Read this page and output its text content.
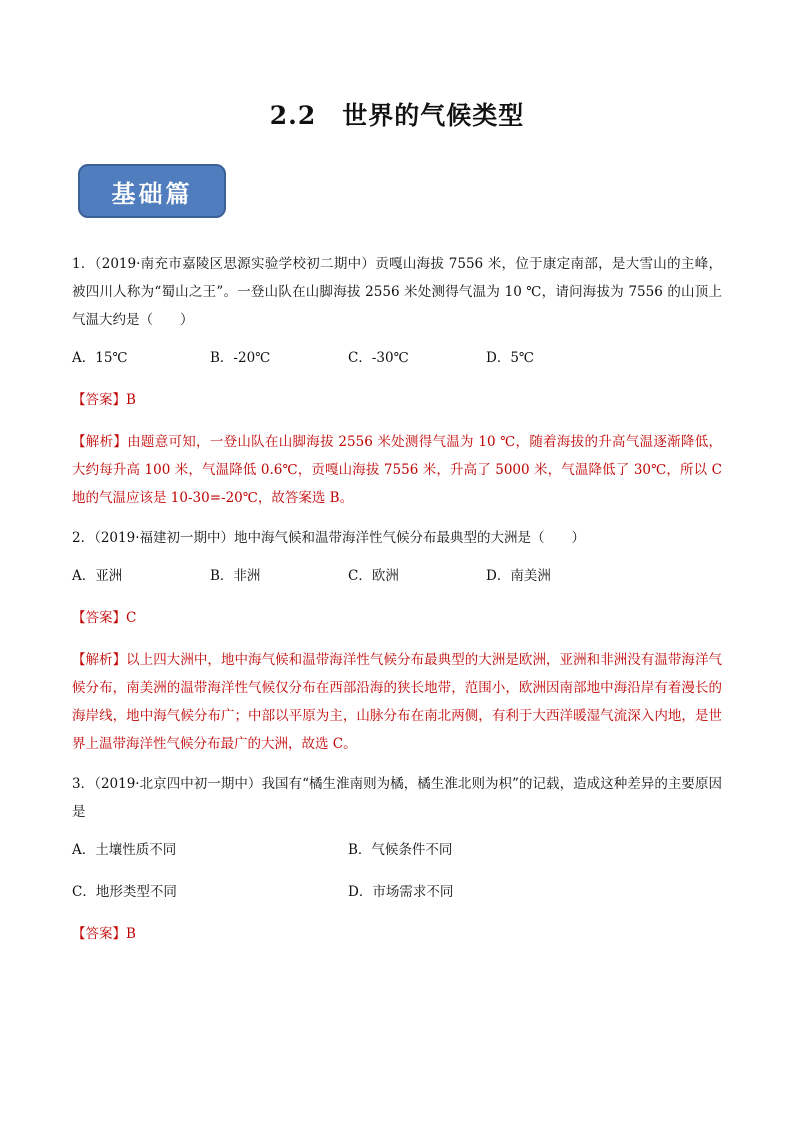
2.2 世界的气候类型
基础篇

1．（2019·南充市嘉陵区思源实验学校初二期中）贡嘎山海拔 7556 米，位于康定南部，是大雪山的主峰，被四川人称为“蜀山之王”。一登山队在山脚海拔 2556 米处测得气温为 10 ℃，请问海拔为 7556 的山顶上气温大约是（　　）

A．15℃	B．-20℃	C．-30℃	D．5℃

【答案】B

【解析】由题意可知，一登山队在山脚海拔 2556 米处测得气温为 10 ℃，随着海拔的升高气温逐渐降低，大约每升高 100 米，气温降低 0.6℃，贡嘎山海拔 7556 米，升高了 5000 米，气温降低了 30℃，所以 C 地的气温应该是 10-30=-20℃，故答案选 B。

2．（2019·福建初一期中）地中海气候和温带海洋性气候分布最典型的大洲是（　　）

A．亚洲	B．非洲	C．欧洲	D．南美洲

【答案】C

【解析】以上四大洲中，地中海气候和温带海洋性气候分布最典型的大洲是欧洲，亚洲和非洲没有温带海洋气候分布，南美洲的温带海洋性气候仅分布在西部沿海的狭长地带，范围小，欧洲因南部地中海沿岸有着漫长的海岸线，地中海气候分布广；中部以平原为主，山脉分布在南北两侧，有利于大西洋暖湿气流深入内地，是世界上温带海洋性气候分布最广的大洲，故选 C。

3．（2019·北京四中初一期中）我国有“橘生淮南则为橘，橘生淮北则为枳”的记载，造成这种差异的主要原因是

A．土壤性质不同	B．气候条件不同
C．地形类型不同	D．市场需求不同

【答案】B
